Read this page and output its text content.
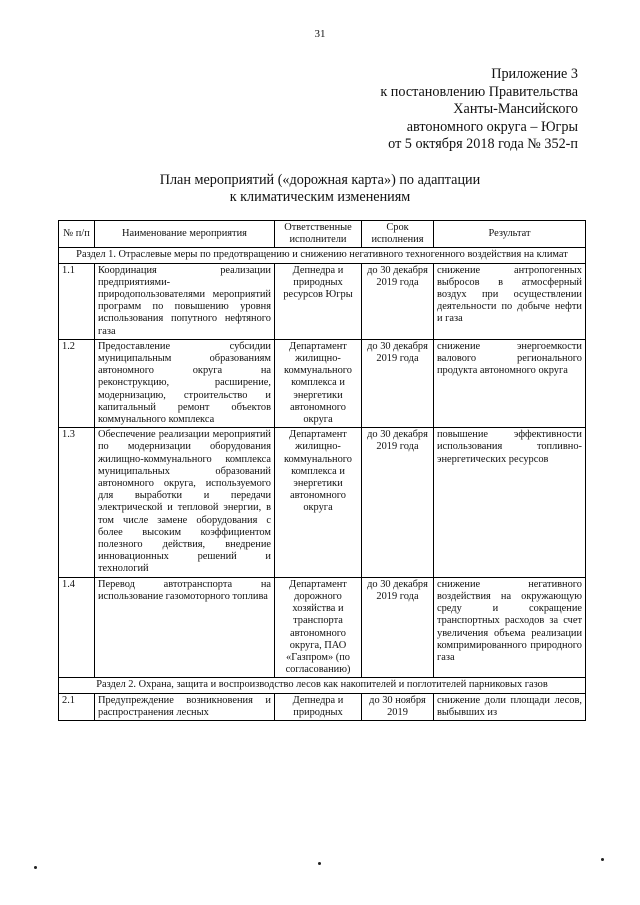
31
Приложение 3
к постановлению Правительства
Ханты-Мансийского
автономного округа – Югры
от 5 октября 2018 года № 352-п
План мероприятий («дорожная карта») по адаптации
к климатическим изменениям
№ п/п	Наименование мероприятия	Ответственные исполнители	Срок исполнения	Результат
Раздел 1. Отраслевые меры по предотвращению и снижению негативного техногенного воздействия на климат				
1.1	Координация реализации предприятиями-природопользователями мероприятий программ по повышению уровня использования попутного нефтяного газа	Депнедра и природных ресурсов Югры	до 30 декабря 2019 года	снижение антропогенных выбросов в атмосферный воздух при осуществлении деятельности по добыче нефти и газа
1.2	Предоставление субсидии муниципальным образованиям автономного округа на реконструкцию, расширение, модернизацию, строительство и капитальный ремонт объектов коммунального комплекса	Департамент жилищно-коммунального комплекса и энергетики автономного округа	до 30 декабря 2019 года	снижение энергоемкости валового регионального продукта автономного округа
1.3	Обеспечение реализации мероприятий по модернизации оборудования жилищно-коммунального комплекса муниципальных образований автономного округа, используемого для выработки и передачи электрической и тепловой энергии, в том числе замене оборудования с более высоким коэффициентом полезного действия, внедрение инновационных решений и технологий	Департамент жилищно-коммунального комплекса и энергетики автономного округа	до 30 декабря 2019 года	повышение эффективности использования топливно-энергетических ресурсов
1.4	Перевод автотранспорта на использование газомоторного топлива	Департамент дорожного хозяйства и транспорта автономного округа, ПАО «Газпром» (по согласованию)	до 30 декабря 2019 года	снижение негативного воздействия на окружающую среду и сокращение транспортных расходов за счет увеличения объема реализации компримированного природного газа
Раздел 2. Охрана, защита и воспроизводство лесов как накопителей и поглотителей парниковых газов				
2.1	Предупреждение возникновения и распространения лесных	Депнедра и природных	до 30 ноября 2019	снижение доли площади лесов, выбывших из
